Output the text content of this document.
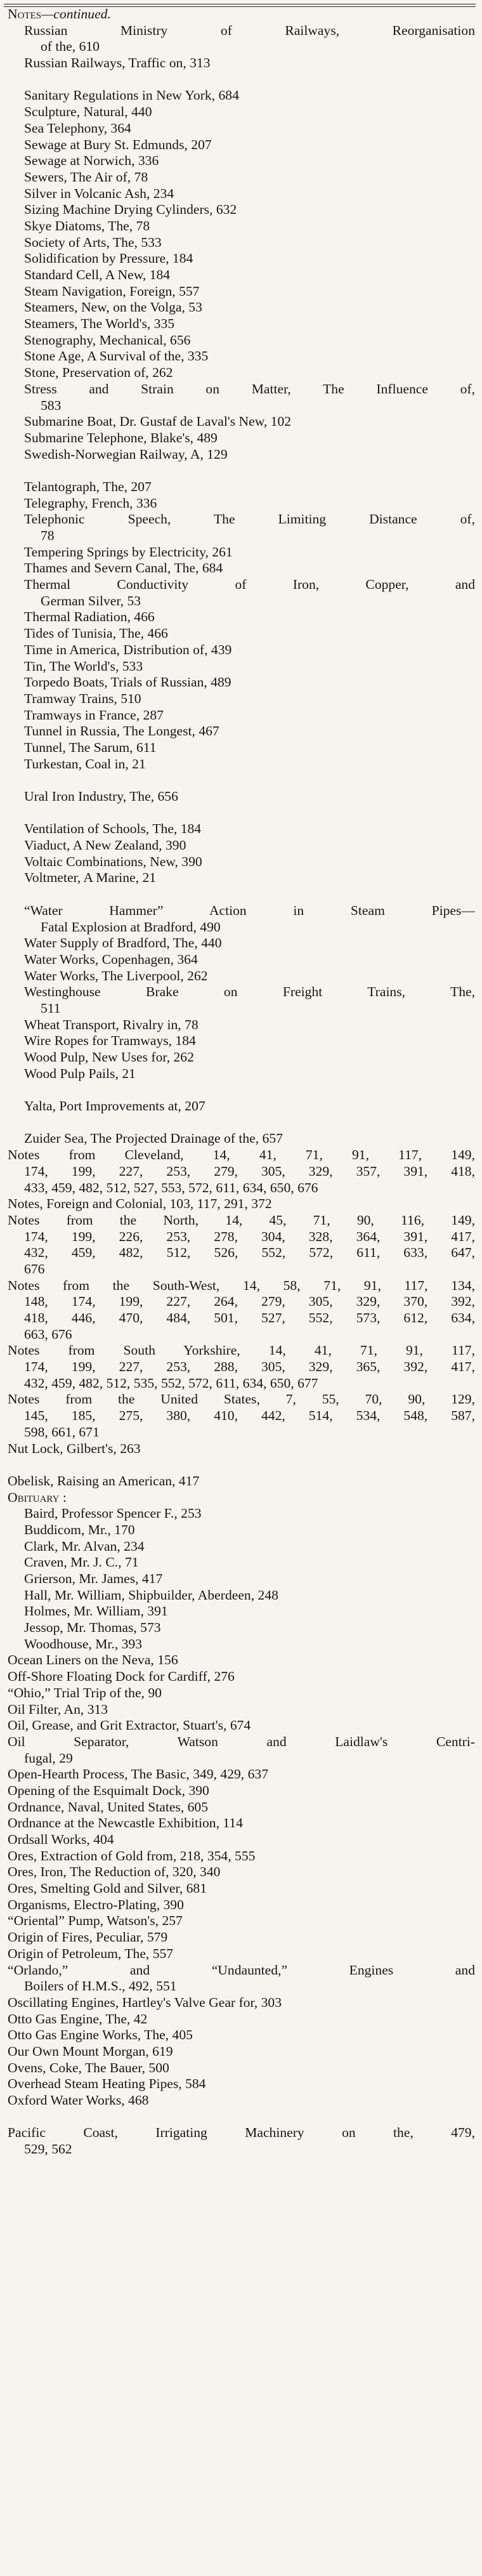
Notes—continued.
Russian Ministry of Railways, Reorganisation
of the, 610
Russian Railways, Traffic on, 313
Sanitary Regulations in New York, 684
Sculpture, Natural, 440
Sea Telephony, 364
Sewage at Bury St. Edmunds, 207
Sewage at Norwich, 336
Sewers, The Air of, 78
Silver in Volcanic Ash, 234
Sizing Machine Drying Cylinders, 632
Skye Diatoms, The, 78
Society of Arts, The, 533
Solidification by Pressure, 184
Standard Cell, A New, 184
Steam Navigation, Foreign, 557
Steamers, New, on the Volga, 53
Steamers, The World's, 335
Stenography, Mechanical, 656
Stone Age, A Survival of the, 335
Stone, Preservation of, 262
Stress and Strain on Matter, The Influence of,
583
Submarine Boat, Dr. Gustaf de Laval's New, 102
Submarine Telephone, Blake's, 489
Swedish-Norwegian Railway, A, 129
Telantograph, The, 207
Telegraphy, French, 336
Telephonic Speech, The Limiting Distance of,
78
Tempering Springs by Electricity, 261
Thames and Severn Canal, The, 684
Thermal Conductivity of Iron, Copper, and
German Silver, 53
Thermal Radiation, 466
Tides of Tunisia, The, 466
Time in America, Distribution of, 439
Tin, The World's, 533
Torpedo Boats, Trials of Russian, 489
Tramway Trains, 510
Tramways in France, 287
Tunnel in Russia, The Longest, 467
Tunnel, The Sarum, 611
Turkestan, Coal in, 21
Ural Iron Industry, The, 656
Ventilation of Schools, The, 184
Viaduct, A New Zealand, 390
Voltaic Combinations, New, 390
Voltmeter, A Marine, 21
“Water Hammer” Action in Steam Pipes—
Fatal Explosion at Bradford, 490
Water Supply of Bradford, The, 440
Water Works, Copenhagen, 364
Water Works, The Liverpool, 262
Westinghouse Brake on Freight Trains, The,
511
Wheat Transport, Rivalry in, 78
Wire Ropes for Tramways, 184
Wood Pulp, New Uses for, 262
Wood Pulp Pails, 21
Yalta, Port Improvements at, 207
Zuider Sea, The Projected Drainage of the, 657
Notes from Cleveland, 14, 41, 71, 91, 117, 149,
174, 199, 227, 253, 279, 305, 329, 357, 391, 418,
433, 459, 482, 512, 527, 553, 572, 611, 634, 650, 676
Notes, Foreign and Colonial, 103, 117, 291, 372
Notes from the North, 14, 45, 71, 90, 116, 149,
174, 199, 226, 253, 278, 304, 328, 364, 391, 417,
432, 459, 482, 512, 526, 552, 572, 611, 633, 647,
676
Notes from the South-West, 14, 58, 71, 91, 117, 134,
148, 174, 199, 227, 264, 279, 305, 329, 370, 392,
418, 446, 470, 484, 501, 527, 552, 573, 612, 634,
663, 676
Notes from South Yorkshire, 14, 41, 71, 91, 117,
174, 199, 227, 253, 288, 305, 329, 365, 392, 417,
432, 459, 482, 512, 535, 552, 572, 611, 634, 650, 677
Notes from the United States, 7, 55, 70, 90, 129,
145, 185, 275, 380, 410, 442, 514, 534, 548, 587,
598, 661, 671
Nut Lock, Gilbert's, 263
Obelisk, Raising an American, 417
Obituary :
Baird, Professor Spencer F., 253
Buddicom, Mr., 170
Clark, Mr. Alvan, 234
Craven, Mr. J. C., 71
Grierson, Mr. James, 417
Hall, Mr. William, Shipbuilder, Aberdeen, 248
Holmes, Mr. William, 391
Jessop, Mr. Thomas, 573
Woodhouse, Mr., 393
Ocean Liners on the Neva, 156
Off-Shore Floating Dock for Cardiff, 276
“Ohio,” Trial Trip of the, 90
Oil Filter, An, 313
Oil, Grease, and Grit Extractor, Stuart's, 674
Oil Separator, Watson and Laidlaw's Centri-
fugal, 29
Open-Hearth Process, The Basic, 349, 429, 637
Opening of the Esquimalt Dock, 390
Ordnance, Naval, United States, 605
Ordnance at the Newcastle Exhibition, 114
Ordsall Works, 404
Ores, Extraction of Gold from, 218, 354, 555
Ores, Iron, The Reduction of, 320, 340
Ores, Smelting Gold and Silver, 681
Organisms, Electro-Plating, 390
“Oriental” Pump, Watson's, 257
Origin of Fires, Peculiar, 579
Origin of Petroleum, The, 557
“Orlando,” and “Undaunted,” Engines and
Boilers of H.M.S., 492, 551
Oscillating Engines, Hartley's Valve Gear for, 303
Otto Gas Engine, The, 42
Otto Gas Engine Works, The, 405
Our Own Mount Morgan, 619
Ovens, Coke, The Bauer, 500
Overhead Steam Heating Pipes, 584
Oxford Water Works, 468
Pacific Coast, Irrigating Machinery on the, 479,
529, 562
